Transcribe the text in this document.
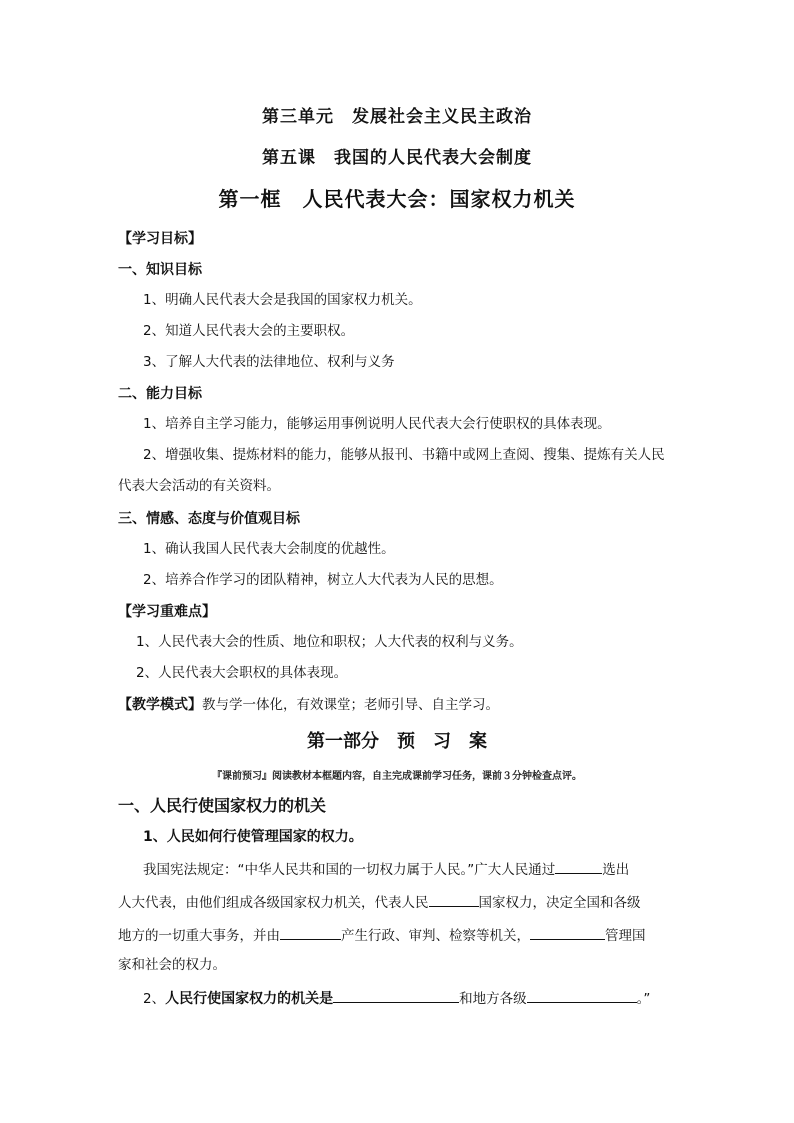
第三单元　发展社会主义民主政治
第五课　我国的人民代表大会制度
第一框　人民代表大会：国家权力机关
【学习目标】
一、知识目标
1、明确人民代表大会是我国的国家权力机关。
2、知道人民代表大会的主要职权。
3、了解人大代表的法律地位、权利与义务
二、能力目标
1、培养自主学习能力，能够运用事例说明人民代表大会行使职权的具体表现。
2、增强收集、提炼材料的能力，能够从报刊、书籍中或网上查阅、搜集、提炼有关人民
代表大会活动的有关资料。
三、情感、态度与价值观目标
1、确认我国人民代表大会制度的优越性。
2、培养合作学习的团队精神，树立人大代表为人民的思想。
【学习重难点】
1、人民代表大会的性质、地位和职权；人大代表的权利与义务。
2、人民代表大会职权的具体表现。
【教学模式】教与学一体化，有效课堂；老师引导、自主学习。
第一部分　预　习　案
『课前预习』阅读教材本框题内容，自主完成课前学习任务，课前３分钟检查点评。
一、人民行使国家权力的机关
1、人民如何行使管理国家的权力。
我国宪法规定：“中华人民共和国的一切权力属于人民。”广大人民通过	选出
人大代表，由他们组成各级国家权力机关，代表人民	国家权力，决定全国和各级
地方的一切重大事务，并由	产生行政、审判、检察等机关，	管理国
家和社会的权力。
2、人民行使国家权力的机关是	和地方各级	。”
